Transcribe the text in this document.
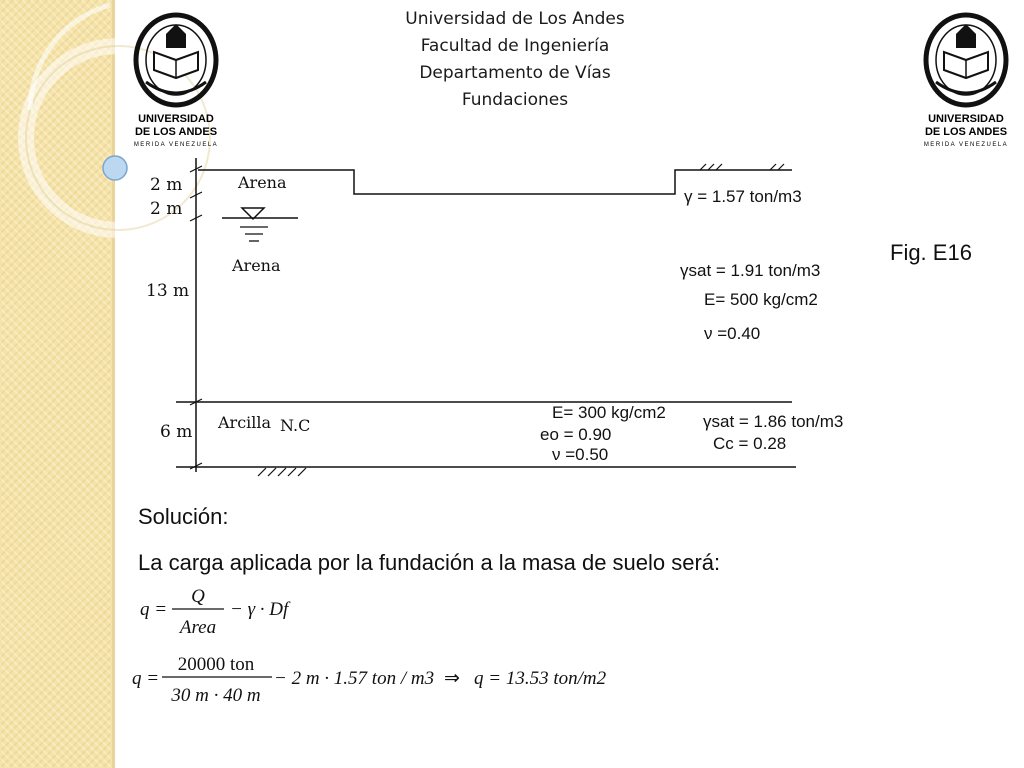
Universidad de Los Andes
Facultad de Ingeniería
Departamento de Vías
Fundaciones
UNIVERSIDAD
DE LOS ANDES
MERIDA VENEZUELA
UNIVERSIDAD
DE LOS ANDES
MERIDA VENEZUELA
2 m
2 m
13 m
6 m
Arena
Arena
Arcilla N.C
γ = 1.57 ton/m3
γsat = 1.91 ton/m3
E= 500 kg/cm2
ν =0.40
E= 300 kg/cm2
eo = 0.90
ν =0.50
γsat = 1.86 ton/m3
Cc = 0.28
Fig. E16
Solución:
La carga aplicada por la fundación a la masa de suelo será:
q =
Q
Area
− γ · Df
q =
20000 ton
30 m · 40 m
− 2 m · 1.57 ton / m3 ⇒ q = 13.53 ton/m2
